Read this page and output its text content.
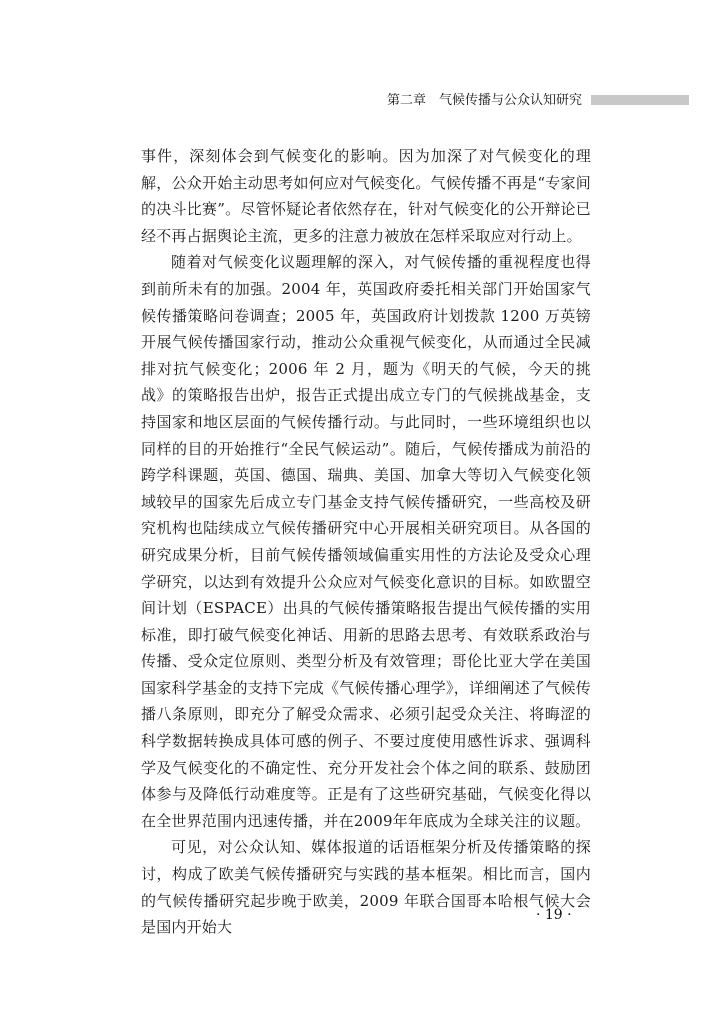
第二章　气候传播与公众认知研究

事件，深刻体会到气候变化的影响。因为加深了对气候变化的理解，公众开始主动思考如何应对气候变化。气候传播不再是“专家间的决斗比赛”。尽管怀疑论者依然存在，针对气候变化的公开辩论已经不再占据舆论主流，更多的注意力被放在怎样采取应对行动上。

随着对气候变化议题理解的深入，对气候传播的重视程度也得到前所未有的加强。2004 年，英国政府委托相关部门开始国家气候传播策略问卷调查；2005 年，英国政府计划拨款 1200 万英镑开展气候传播国家行动，推动公众重视气候变化，从而通过全民减排对抗气候变化；2006 年 2 月，题为《明天的气候，今天的挑战》的策略报告出炉，报告正式提出成立专门的气候挑战基金，支持国家和地区层面的气候传播行动。与此同时，一些环境组织也以同样的目的开始推行“全民气候运动”。随后，气候传播成为前沿的跨学科课题，英国、德国、瑞典、美国、加拿大等切入气候变化领域较早的国家先后成立专门基金支持气候传播研究，一些高校及研究机构也陆续成立气候传播研究中心开展相关研究项目。从各国的研究成果分析，目前气候传播领域偏重实用性的方法论及受众心理学研究，以达到有效提升公众应对气候变化意识的目标。如欧盟空间计划（ESPACE）出具的气候传播策略报告提出气候传播的实用标准，即打破气候变化神话、用新的思路去思考、有效联系政治与传播、受众定位原则、类型分析及有效管理；哥伦比亚大学在美国国家科学基金的支持下完成《气候传播心理学》，详细阐述了气候传播八条原则，即充分了解受众需求、必须引起受众关注、将晦涩的科学数据转换成具体可感的例子、不要过度使用感性诉求、强调科学及气候变化的不确定性、充分开发社会个体之间的联系、鼓励团体参与及降低行动难度等。正是有了这些研究基础，气候变化得以在全世界范围内迅速传播，并在2009年年底成为全球关注的议题。

可见，对公众认知、媒体报道的话语框架分析及传播策略的探讨，构成了欧美气候传播研究与实践的基本框架。相比而言，国内的气候传播研究起步晚于欧美，2009 年联合国哥本哈根气候大会是国内开始大

· 19 ·
